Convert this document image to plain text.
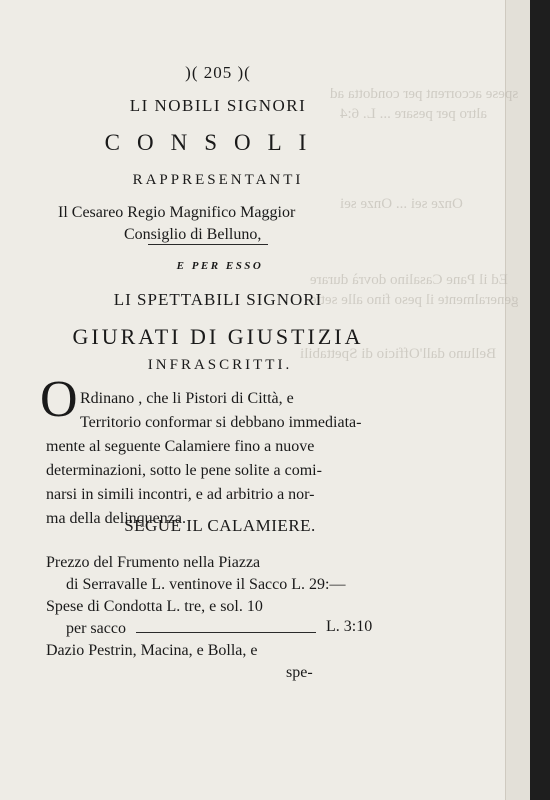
spese accorrent per condotta ad
altro per pesare ... L. 6:4
Onze sei ... Onze sei
Ed il Pane Casalino dovrà durare
generalmente il peso fino alle sette
Belluno dall'Officio di Spettabili
)( 205 )(
LI NOBILI SIGNORI
CONSOLI
RAPPRESENTANTI
Il Cesareo Regio Magnifico Maggior
Consiglio di Belluno,
E PER ESSO
LI SPETTABILI SIGNORI
GIURATI DI GIUSTIZIA
INFRASCRITTI.
O Rdinano , che li Pistori di Città, e
Territorio conformar si debbano immediata-
mente al seguente Calamiere fino a nuove
determinazioni, sotto le pene solite a comi-
narsi in simili incontri, e ad arbitrio a nor-
ma della delinquenza.
SEGUE IL CALAMIERE.
Prezzo del Frumento nella Piazza
di Serravalle L. ventinove il Sacco L. 29:—
Spese di Condotta L. tre, e sol. 10
per sacco	L. 3:10
Dazio Pestrin, Macina, e Bolla, e
spe-
